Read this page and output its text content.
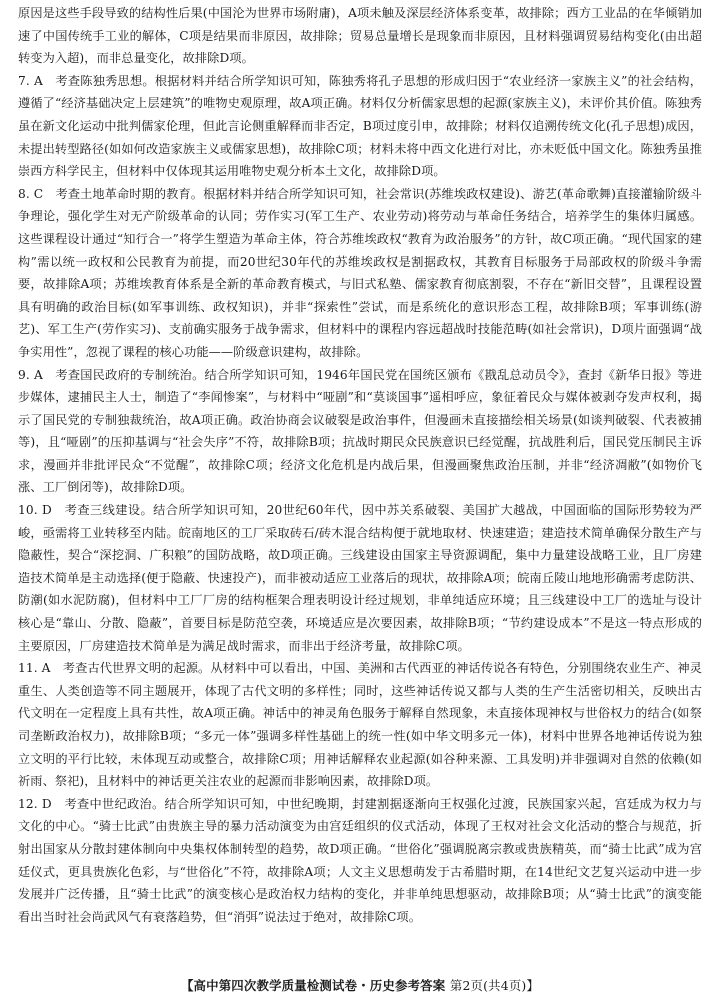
原因是这些手段导致的结构性后果(中国沦为世界市场附庸)，A项未触及深层经济体系变革，故排除；西方工业品的在华倾销加速了中国传统手工业的解体，C项是结果而非原因，故排除；贸易总量增长是现象而非原因，且材料强调贸易结构变化(由出超转变为入超)，而非总量变化，故排除D项。

7. A　考查陈独秀思想。根据材料并结合所学知识可知，陈独秀将孔子思想的形成归因于“农业经济一家族主义”的社会结构，遵循了“经济基础决定上层建筑”的唯物史观原理，故A项正确。材料仅分析儒家思想的起源(家族主义)，未评价其价值。陈独秀虽在新文化运动中批判儒家伦理，但此言论侧重解释而非否定，B项过度引申，故排除；材料仅追溯传统文化(孔子思想)成因，未提出转型路径(如如何改造家族主义或儒家思想)，故排除C项；材料未将中西文化进行对比，亦未贬低中国文化。陈独秀虽推崇西方科学民主，但材料中仅体现其运用唯物史观分析本土文化，故排除D项。

8. C　考查土地革命时期的教育。根据材料并结合所学知识可知，社会常识(苏维埃政权建设)、游艺(革命歌舞)直接灌输阶级斗争理论，强化学生对无产阶级革命的认同；劳作实习(军工生产、农业劳动)将劳动与革命任务结合，培养学生的集体归属感。这些课程设计通过“知行合一”将学生塑造为革命主体，符合苏维埃政权“教育为政治服务”的方针，故C项正确。“现代国家的建构”需以统一政权和公民教育为前提，而20世纪30年代的苏维埃政权是割据政权，其教育目标服务于局部政权的阶级斗争需要，故排除A项；苏维埃教育体系是全新的革命教育模式，与旧式私塾、儒家教育彻底割裂，不存在“新旧交替”，且课程设置具有明确的政治目标(如军事训练、政权知识)，并非“探索性”尝试，而是系统化的意识形态工程，故排除B项；军事训练(游艺)、军工生产(劳作实习)、支前确实服务于战争需求，但材料中的课程内容远超战时技能范畴(如社会常识)，D项片面强调“战争实用性”，忽视了课程的核心功能——阶级意识建构，故排除。

9. A　考查国民政府的专制统治。结合所学知识可知，1946年国民党在国统区颁布《戡乱总动员令》，查封《新华日报》等进步媒体，逮捕民主人士，制造了“李闻惨案”，与材料中“哑剧”和“莫谈国事”遥相呼应，象征着民众与媒体被剥夺发声权利，揭示了国民党的专制独裁统治，故A项正确。政治协商会议破裂是政治事件，但漫画未直接描绘相关场景(如谈判破裂、代表被捕等)，且“哑剧”的压抑基调与“社会失序”不符，故排除B项；抗战时期民众民族意识已经觉醒，抗战胜利后，国民党压制民主诉求，漫画并非批评民众“不觉醒”，故排除C项；经济文化危机是内战后果，但漫画聚焦政治压制，并非“经济凋敝”(如物价飞涨、工厂倒闭等)，故排除D项。

10. D　考查三线建设。结合所学知识可知，20世纪60年代，因中苏关系破裂、美国扩大越战，中国面临的国际形势较为严峻，亟需将工业转移至内陆。皖南地区的工厂采取砖石/砖木混合结构便于就地取材、快速建造；建造技术简单确保分散生产与隐蔽性，契合“深挖洞、广积粮”的国防战略，故D项正确。三线建设由国家主导资源调配，集中力量建设战略工业，且厂房建造技术简单是主动选择(便于隐蔽、快速投产)，而非被动适应工业落后的现状，故排除A项；皖南丘陵山地地形确需考虑防洪、防潮(如水泥防腐)，但材料中工厂厂房的结构框架合理表明设计经过规划，非单纯适应环境；且三线建设中工厂的选址与设计核心是“靠山、分散、隐蔽”，首要目标是防范空袭，环境适应是次要因素，故排除B项；“节约建设成本”不是这一特点形成的主要原因，厂房建造技术简单是为满足战时需求，而非出于经济考量，故排除C项。

11. A　考查古代世界文明的起源。从材料中可以看出，中国、美洲和古代西亚的神话传说各有特色，分别围绕农业生产、神灵重生、人类创造等不同主题展开，体现了古代文明的多样性；同时，这些神话传说又都与人类的生产生活密切相关，反映出古代文明在一定程度上具有共性，故A项正确。神话中的神灵角色服务于解释自然现象，未直接体现神权与世俗权力的结合(如祭司垄断政治权力)，故排除B项；“多元一体”强调多样性基础上的统一性(如中华文明多元一体)，材料中世界各地神话传说为独立文明的平行比较，未体现互动或整合，故排除C项；用神话解释农业起源(如谷种来源、工具发明)并非强调对自然的依赖(如祈雨、祭祀)，且材料中的神话更关注农业的起源而非影响因素，故排除D项。

12. D　考查中世纪政治。结合所学知识可知，中世纪晚期，封建割据逐渐向王权强化过渡，民族国家兴起，宫廷成为权力与文化的中心。“骑士比武”由贵族主导的暴力活动演变为由宫廷组织的仪式活动，体现了王权对社会文化活动的整合与规范，折射出国家从分散封建体制向中央集权体制转型的趋势，故D项正确。“世俗化”强调脱离宗教或贵族精英，而“骑士比武”成为宫廷仪式，更具贵族化色彩，与“世俗化”不符，故排除A项；人文主义思想萌发于古希腊时期，在14世纪文艺复兴运动中进一步发展并广泛传播，且“骑士比武”的演变核心是政治权力结构的变化，并非单纯思想驱动，故排除B项；从“骑士比武”的演变能看出当时社会尚武风气有衰落趋势，但“消弭”说法过于绝对，故排除C项。

【高中第四次教学质量检测试卷・历史参考答案 第2页(共4页)】
